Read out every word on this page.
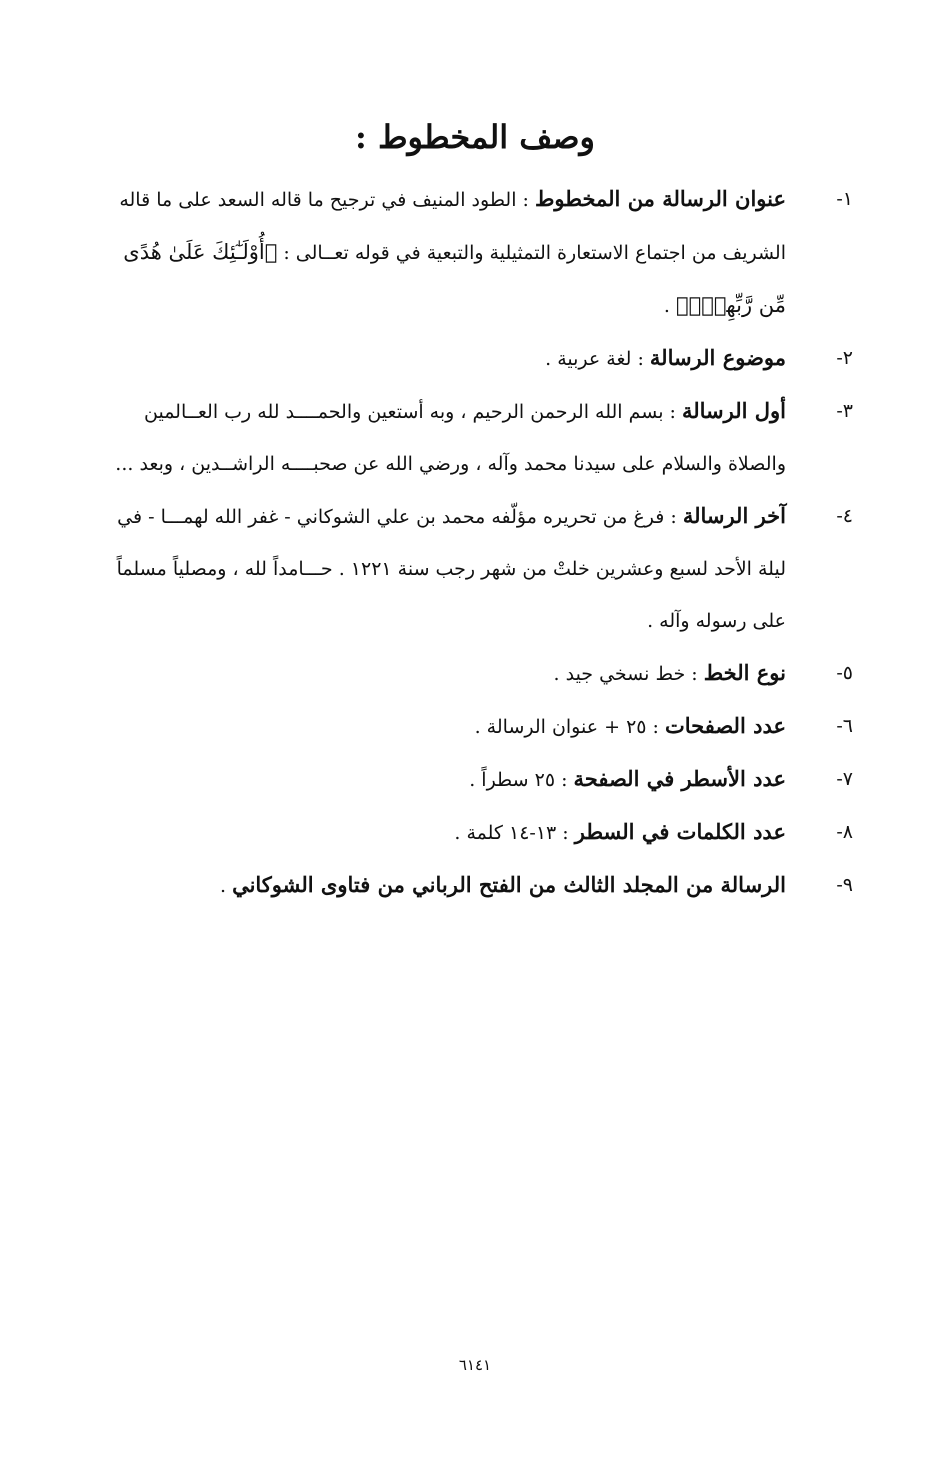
وصف المخطوط :

١-
عنوان الرسالة من المخطوط : الطود المنيف في ترجيح ما قاله السعد على ما قاله الشريف من اجتماع الاستعارة التمثيلية والتبعية في قوله تعــالى : ﴿أُوْلَـٰٓئِكَ عَلَىٰ هُدًى مِّن رَّبِّهِمْۖ﴾ .

٢-
موضوع الرسالة : لغة عربية .

٣-
أول الرسالة : بسم الله الرحمن الرحيم ، وبه أستعين والحمــــد لله رب العــالمين والصلاة والسلام على سيدنا محمد وآله ، ورضي الله عن صحبــــه الراشــدين ، وبعد ...

٤-
آخر الرسالة : فرغ من تحريره مؤلّفه محمد بن علي الشوكاني - غفر الله لهمـــا - في ليلة الأحد لسبع وعشرين خلتْ من شهر رجب سنة ١٢٢١ . حـــامداً لله ، ومصلياً مسلماً على رسوله وآله .

٥-
نوع الخط : خط نسخي جيد .

٦-
عدد الصفحات : ٢٥ + عنوان الرسالة .

٧-
عدد الأسطر في الصفحة : ٢٥ سطراً .

٨-
عدد الكلمات في السطر : ١٣-١٤ كلمة .

٩-
الرسالة من المجلد الثالث من الفتح الرباني من فتاوى الشوكاني .

٦١٤١
